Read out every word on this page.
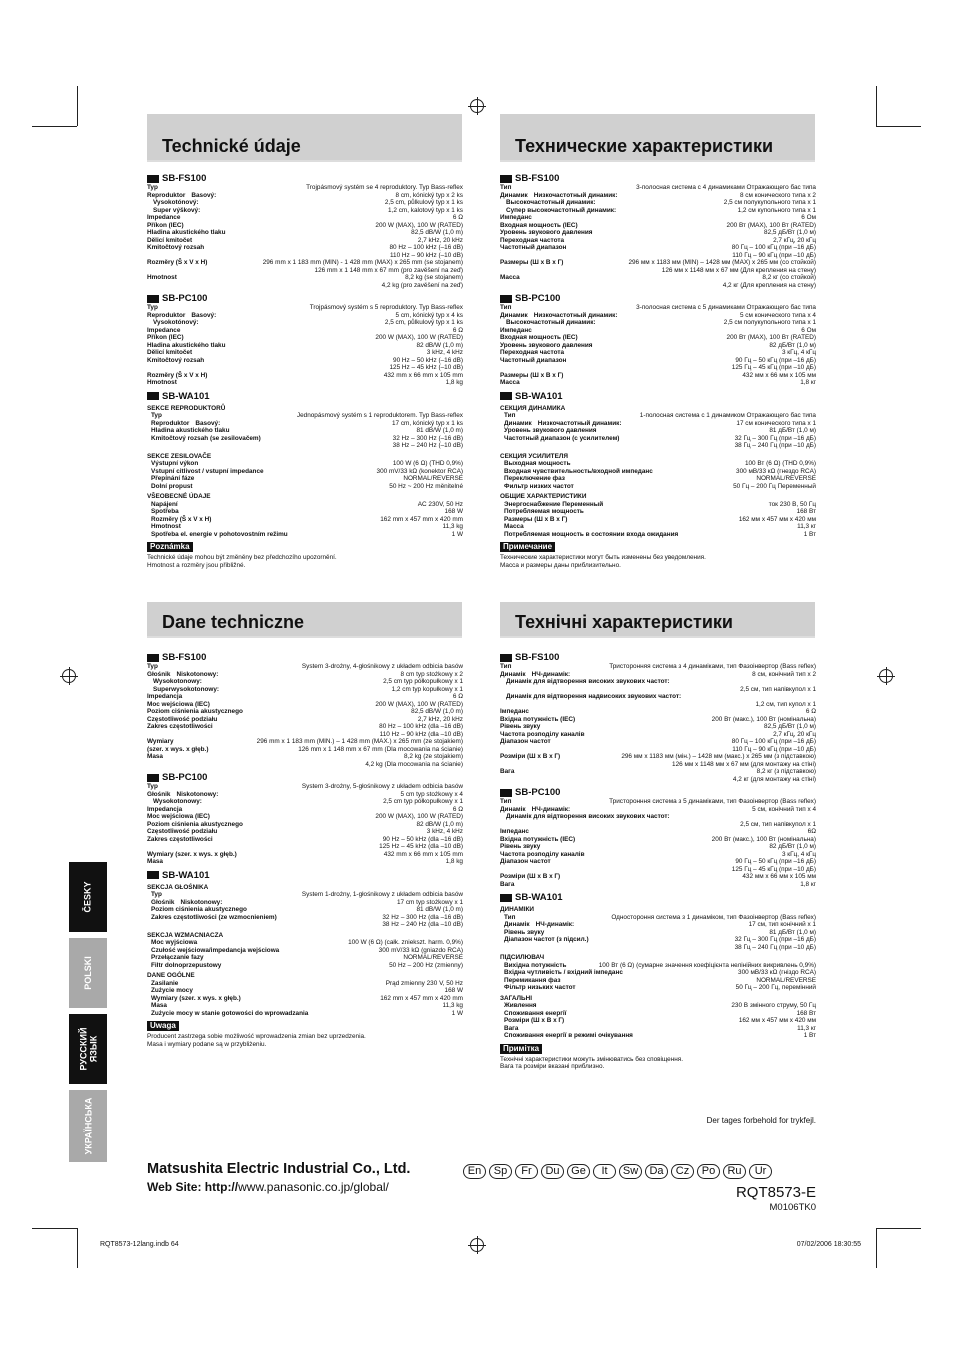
Technické údaje	Технические характеристики
Dane techniczne	Технічні характеристики
SB-FS100
Typ	Trojpásmový systém se 4 reproduktory. Typ Bass-reflex
Reproduktor Basový:	8 cm, kónický typ x 2 ks
Vysokotónový:	2,5 cm, půlkulový typ x 1 ks
Super výškový:	1,2 cm, kalotový typ x 1 ks
Impedance	6 Ω
Příkon (IEC)	200 W (MAX), 100 W (RATED)
Hladina akustického tlaku	82,5 dB/W (1,0 m)
Dělicí kmitočet	2,7 kHz, 20 kHz
Kmitočtový rozsah	80 Hz – 100 kHz (–16 dB)
110 Hz – 90 kHz (–10 dB)
Rozměry (Š x V x H)	296 mm x 1 183 mm (MIN) - 1 428 mm (MAX) x 265 mm (se stojanem)
126 mm x 1 148 mm x 67 mm (pro zavěšení na zeď)
Hmotnost	8,2 kg (se stojanem)
4,2 kg (pro zavěšení na zeď)
SB-PC100
Typ	Trojpásmový systém s 5 reproduktory. Typ Bass-reflex
Reproduktor Basový:	5 cm, kónický typ x 4 ks
Vysokotónový:	2,5 cm, půlkulový typ x 1 ks
Impedance	6 Ω
Příkon (IEC)	200 W (MAX), 100 W (RATED)
Hladina akustického tlaku	82 dB/W (1,0 m)
Dělicí kmitočet	3 kHz, 4 kHz
Kmitočtový rozsah	90 Hz – 50 kHz (–16 dB)
125 Hz – 45 kHz (–10 dB)
Rozměry (Š x V x H)	432 mm x 66 mm x 105 mm
Hmotnost	1,8 kg
SB-WA101
SEKCE REPRODUKTORŮ
Typ	Jednopásmový systém s 1 reproduktorem. Typ Bass-reflex
Reproduktor Basový:	17 cm, kónický typ x 1 ks
Hladina akustického tlaku	81 dB/W (1,0 m)
Kmitočtový rozsah (se zesilovačem)	32 Hz – 300 Hz (–16 dB)
38 Hz – 240 Hz (–10 dB)
SEKCE ZESILOVAČE
Výstupní výkon	100 W (6 Ω) (THD 0,9%)
Vstupní citlivost / vstupní impedance	300 mV/33 kΩ (konektor RCA)
Přepínání fáze	NORMAL/REVERSE
Dolní propust	50 Hz ~ 200 Hz měnitelné
VŠEOBECNÉ ÚDAJE
Napájení	AC 230V, 50 Hz
Spotřeba	168 W
Rozměry (Š x V x H)	162 mm x 457 mm x 420 mm
Hmotnost	11,3 kg
Spotřeba el. energie v pohotovostním režimu	1 W
Poznámka
Technické údaje mohou být změněny bez předchozího upozornění.
Hmotnost a rozměry jsou přibližné.
SB-FS100
Тип	3-полосная система с 4 динамиками Отражающего бас типа
Динамик Низкочастотный динамик:	8 см конического типа x 2
Высокочастотный динамик:	2,5 см полукупольного типа x 1
Супер высокочастотный динамик:	1,2 см купольного типа x 1
Импеданс	6 Ом
Входная мощность (IEC)	200 Вт (MAX), 100 Вт (RATED)
Уровень звукового давления	82,5 дБ/Вт (1,0 м)
Переходная частота	2,7 кГц, 20 кГц
Частотный диапазон	80 Гц – 100 кГц (при –16 дБ)
110 Гц – 90 кГц (при –10 дБ)
Размеры (Ш x В x Г)	296 мм x 1183 мм (MIN) – 1428 мм (MAX) x 265 мм (со стойкой)
126 мм x 1148 мм x 67 мм (Для крепления на стену)
Масса	8,2 кг (со стойкой)
4,2 кг (Для крепления на стену)
SB-PC100
Тип	3-полосная система с 5 динамиками Отражающего бас типа
Динамик Низкочастотный динамик:	5 см конического типа x 4
Высокочастотный динамик:	2,5 см полукупольного типа x 1
Импеданс	6 Ом
Входная мощность (IEC)	200 Вт (MAX), 100 Вт (RATED)
Уровень звукового давления	82 дБ/Вт (1,0 м)
Переходная частота	3 кГц, 4 кГц
Частотный диапазон	90 Гц – 50 кГц (при –16 дБ)
125 Гц – 45 кГц (при –10 дБ)
Размеры (Ш x В x Г)	432 мм x 66 мм x 105 мм
Масса	1,8 кг
SB-WA101
СЕКЦИЯ ДИНАМИКА
Тип	1-полосная система с 1 динамиком Отражающего бас типа
Динамик Низкочастотный динамик:	17 см конического типа x 1
Уровень звукового давления	81 дБ/Вт (1,0 м)
Частотный диапазон (с усилителем)	32 Гц – 300 Гц (при –16 дБ)
38 Гц – 240 Гц (при –10 дБ)
СЕКЦИЯ УСИЛИТЕЛЯ
Выходная мощность	100 Вт (6 Ω) (THD 0,9%)
Входная чувствительность/входной импеданс	300 мВ/33 кΩ (гнездо RCA)
Переключение фаз	NORMAL/REVERSE
Фильтр низких частот	50 Гц – 200 Гц Переменный
ОБЩИЕ ХАРАКТЕРИСТИКИ
Энергоснабжение Переменный	ток 230 В, 50 Гц
Потребляемая мощность	168 Вт
Размеры (Ш x В x Г)	162 мм x 457 мм x 420 мм
Масса	11,3 кг
Потребляемая мощность в состоянии входа ожидания	1 Вт
Примечание
Технические характеристики могут быть изменены без уведомления.
Масса и размеры даны приблизительно.
SB-FS100
Typ	System 3-drożny, 4-głośnikowy z układem odbicia basów
Głośnik Niskotonowy:	8 cm typ stożkowy x 2
Wysokotonowy:	2,5 cm typ półkopułkowy x 1
Superwysokotonowy:	1,2 cm typ kopułkowy x 1
Impedancja	6 Ω
Moc wejściowa (IEC)	200 W (MAX), 100 W (RATED)
Poziom ciśnienia akustycznego	82,5 dB/W (1,0 m)
Częstotliwość podziału	2,7 kHz, 20 kHz
Zakres częstotliwości	80 Hz – 100 kHz (dla –16 dB)
110 Hz – 90 kHz (dla –10 dB)
Wymiary	296 mm x 1 183 mm (MIN.) – 1 428 mm (MAX.) x 265 mm (ze stojakiem)
(szer. x wys. x głęb.)	126 mm x 1 148 mm x 67 mm (Dla mocowania na ścianie)
Masa	8,2 kg (ze stojakiem)
4,2 kg (Dla mocowania na ścianie)
SB-PC100
Typ	System 3-drożny, 5-głośnikowy z układem odbicia basów
Głośnik Niskotonowy:	5 cm typ stożkowy x 4
Wysokotonowy:	2,5 cm typ półkopułkowy x 1
Impedancja	6 Ω
Moc wejściowa (IEC)	200 W (MAX), 100 W (RATED)
Poziom ciśnienia akustycznego	82 dB/W (1,0 m)
Częstotliwość podziału	3 kHz, 4 kHz
Zakres częstotliwości	90 Hz – 50 kHz (dla –16 dB)
125 Hz – 45 kHz (dla –10 dB)
Wymiary (szer. x wys. x głęb.)	432 mm x 66 mm x 105 mm
Masa	1,8 kg
SB-WA101
SEKCJA GŁOŚNIKA
Typ	System 1-drożny, 1-głośnikowy z układem odbicia basów
Głośnik Niskotonowy:	17 cm typ stożkowy x 1
Poziom ciśnienia akustycznego	81 dB/W (1,0 m)
Zakres częstotliwości (ze wzmocnieniem)	32 Hz – 300 Hz (dla –16 dB)
38 Hz – 240 Hz (dla –10 dB)
SEKCJA WZMACNIACZA
Moc wyjściowa	100 W (6 Ω) (całk. zniekszt. harm. 0,9%)
Czułość wejściowa/impedancja wejściowa	300 mV/33 kΩ (gniazdo RCA)
Przełączanie fazy	NORMAL/REVERSE
Filtr dolnoprzepustowy	50 Hz – 200 Hz (zmienny)
DANE OGÓLNE
Zasilanie	Prąd zmienny 230 V, 50 Hz
Zużycie mocy	168 W
Wymiary (szer. x wys. x głęb.)	162 mm x 457 mm x 420 mm
Masa	11,3 kg
Zużycie mocy w stanie gotowości do wprowadzania	1 W
Uwaga
Producent zastrzega sobie możliwość wprowadzenia zmian bez uprzedzenia.
Masa i wymiary podane są w przybliżeniu.
SB-FS100
Тип	Тристоронняя система з 4 динаміками, тип Фазоінвертор (Bass reflex)
Динамік НЧ-динамік:	8 см, конічний тип x 2
Динамік для відтворення високих звукових частот:
2,5 см, тип напівкупол x 1
Динамік для відтворення надвисоких звукових частот:
1,2 см, тип купол x 1
Імпеданс	6 Ω
Вхідна потужність (IEC)	200 Вт (макс.), 100 Вт (номінальна)
Рівень звуку	82,5 дБ/Вт (1,0 м)
Частота розподілу каналів	2,7 кГц, 20 кГц
Діапазон частот	80 Гц – 100 кГц (при –16 дБ)
110 Гц – 90 кГц (при –10 дБ)
Розміри (Ш x В x Г)	296 мм x 1183 мм (мін.) – 1428 мм (макс.) x 265 мм (з підставкою)
126 мм x 1148 мм x 67 мм (для монтажу на стіні)
Вага	8,2 кг (з підставкою)
4,2 кг (для монтажу на стіні)
SB-PC100
Тип	Тристоронння система з 5 динаміками, тип Фазоінвертор (Bass reflex)
Динамік НЧ-динамік:	5 см, конічний тип x 4
Динамік для відтворення високих звукових частот:
2,5 см, тип напівкупол x 1
Імпеданс	6Ω
Вхідна потужність (IEC)	200 Вт (макс.), 100 Вт (номінальна)
Рівень звуку	82 дБ/Вт (1,0 м)
Частота розподілу каналів	3 кГц, 4 кГц
Діапазон частот	90 Гц – 50 кГц (при –16 дБ)
125 Гц – 45 кГц (при –10 дБ)
Розміри (Ш x В x Г)	432 мм x 66 мм x 105 мм
Вага	1,8 кг
SB-WA101
ДИНАМІКИ
Тип	Одностороння система з 1 динаміком, тип Фазоінвертор (Bass reflex)
Динамік НЧ-динамік:	17 см, тип конічний x 1
Рівень звуку	81 дБ/Вт (1,0 м)
Діапазон частот (з підсил.)	32 Гц – 300 Гц (при –16 дБ)
38 Гц – 240 Гц (при –10 дБ)
ПІДСИЛЮВАЧ
Вихідна потужність	100 Вт (6 Ω) (сумарне значення коефіцієнта нелінійних викривлень 0,9%)
Вхідна чутливість / вхідний імпеданс	300 мВ/33 кΩ (гніздо RCA)
Перемикання фаз	NORMAL/REVERSE
Фільтр низьких частот	50 Гц – 200 Гц, перемінний
ЗАГАЛЬНІ
Живлення	230 В змінного струму, 50 Гц
Споживання енергії	168 Вт
Розміри (Ш x В x Г)	162 мм x 457 мм x 420 мм
Вага	11,3 кг
Споживання енергії в режимі очікування	1 Вт
Примітка
Технічні характеристики можуть змінюватись без сповіщення.
Вага та розміри вказані приблизно.
Der tages forbehold for trykfejl.
ČESKY
POLSKI
РУССКИЙ ЯЗЫК
УКРАЇНСЬКА
Matsushita Electric Industrial Co., Ltd.
Web Site: http://www.panasonic.co.jp/global/
En Sp Fr Du Ge It Sw Da Cz Po Ru Ur
RQT8573-E
M0106TK0
RQT8573-12lang.indb 64	07/02/2006 18:30:55
